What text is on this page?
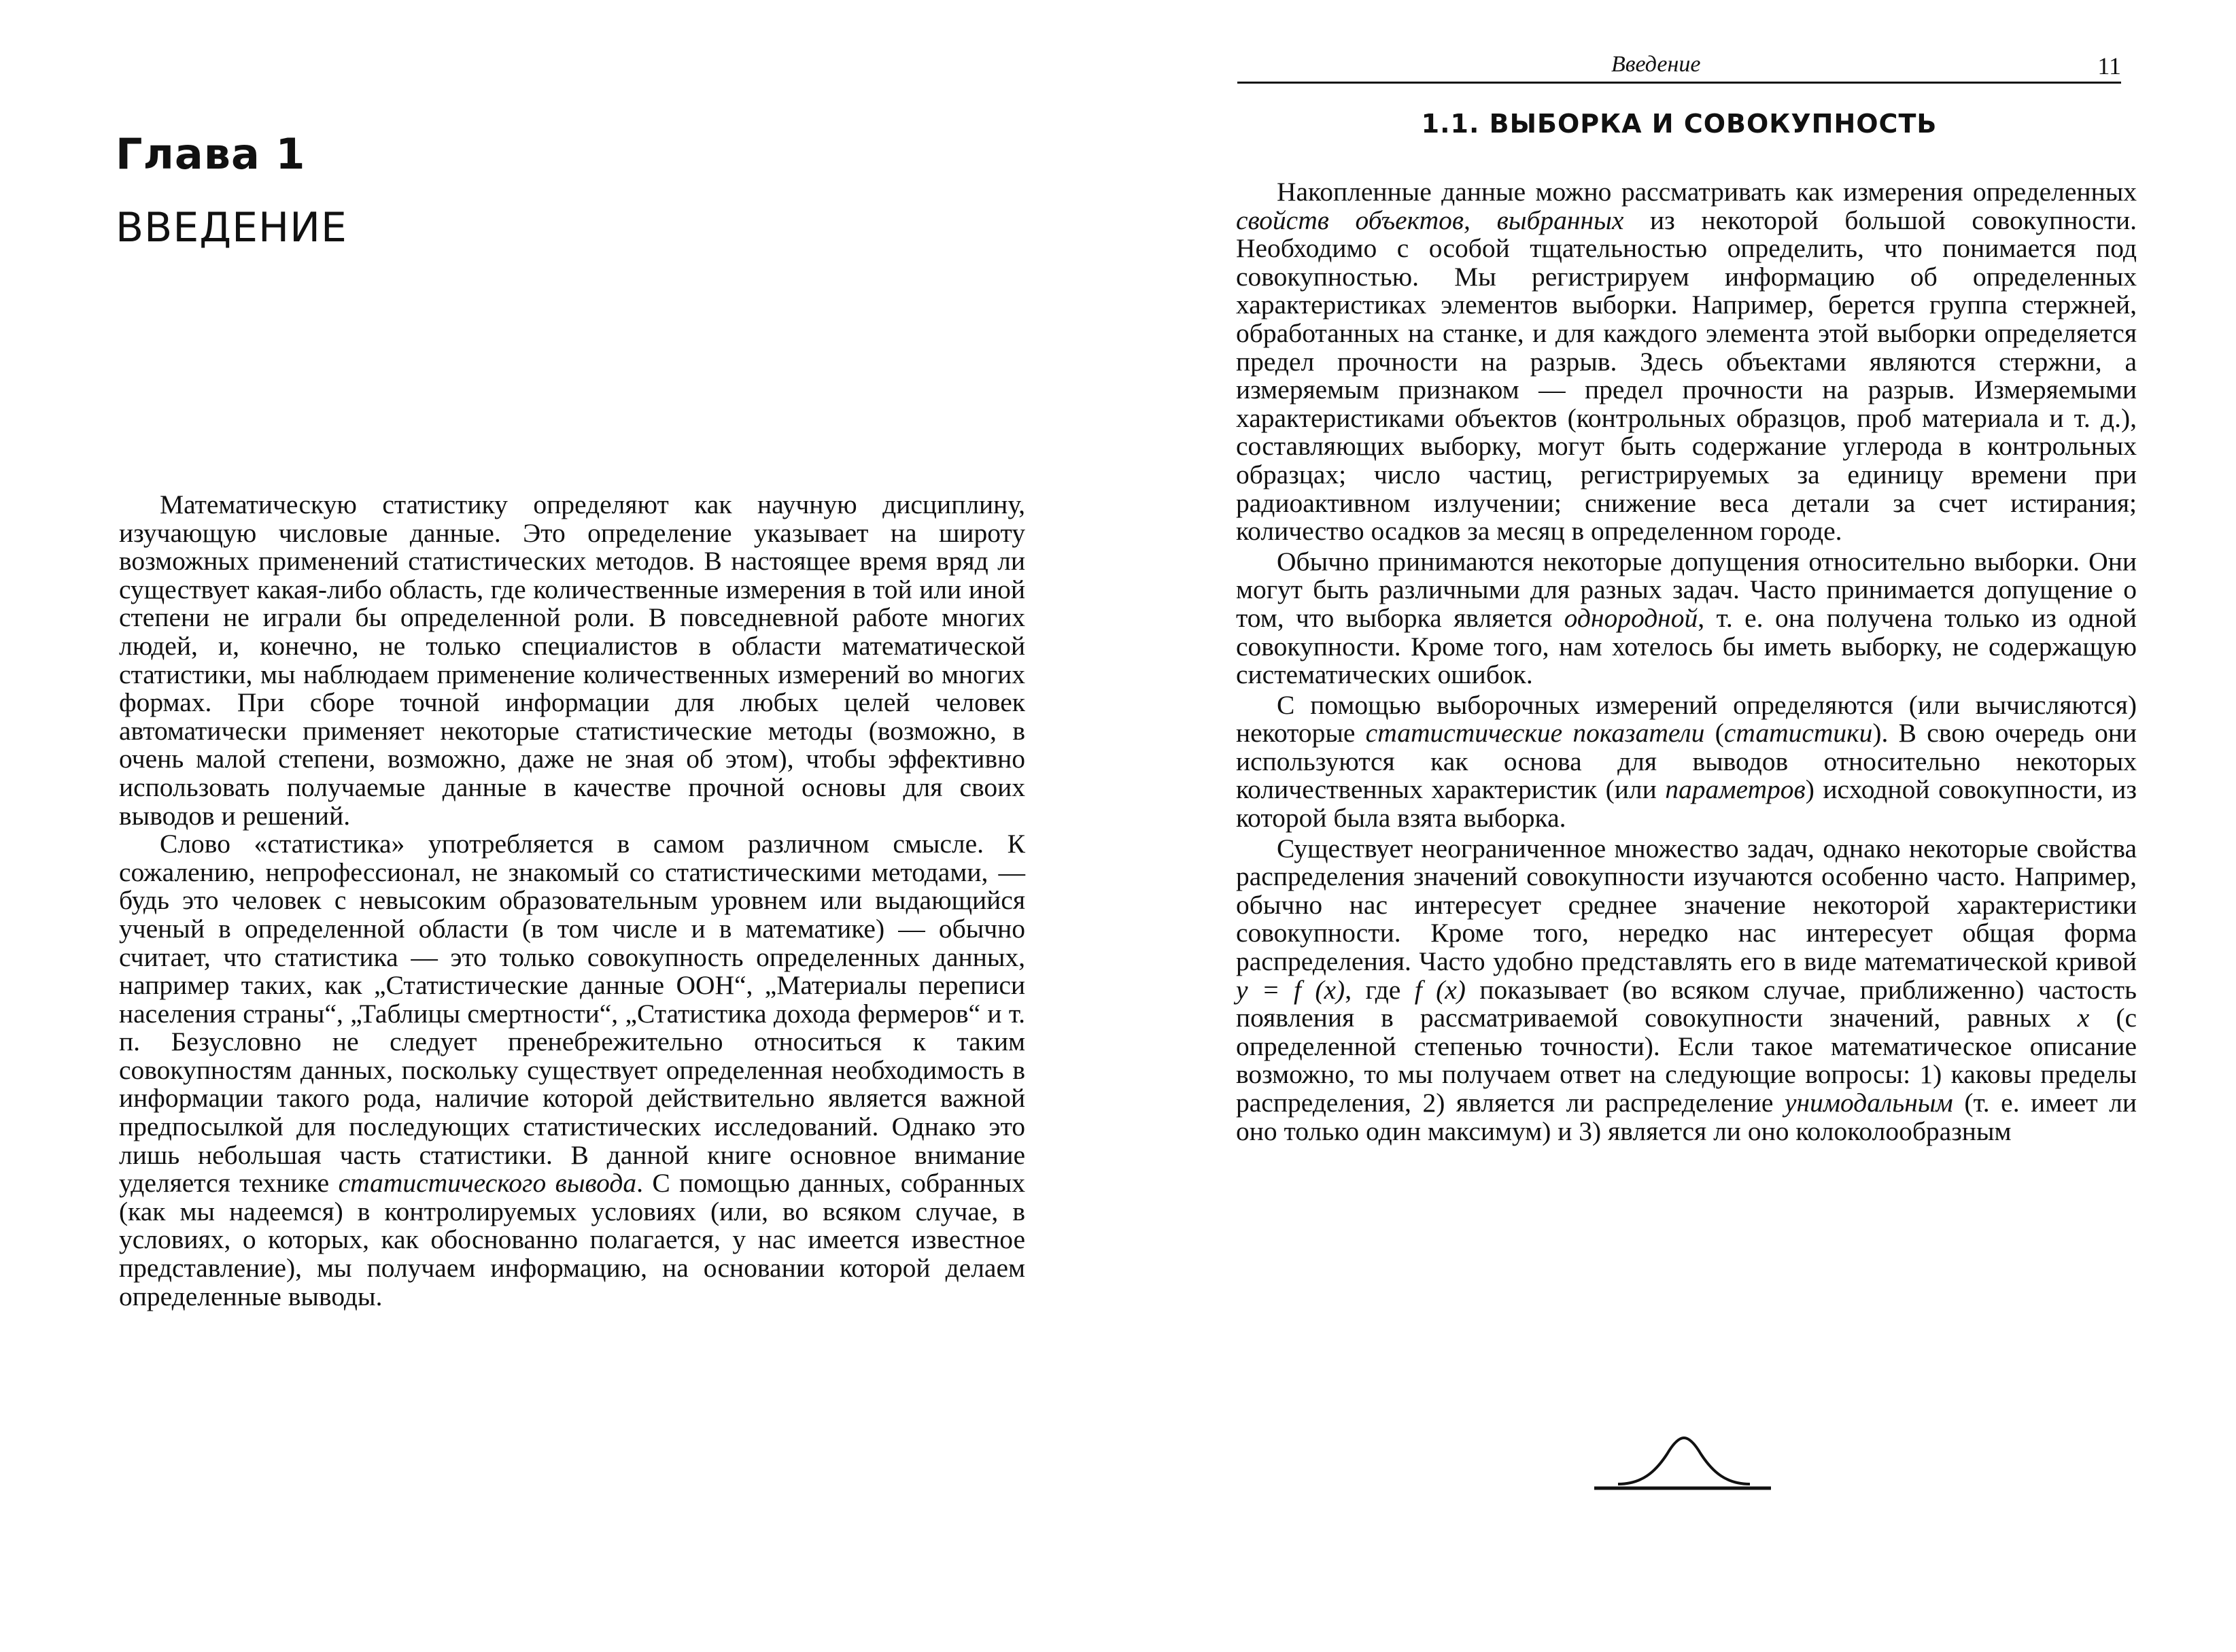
Глава 1
ВВЕДЕНИЕ

Математическую статистику определяют как научную дисциплину, изучающую числовые данные. Это определение указывает на широту возможных применений статистических методов. В настоящее время вряд ли существует какая-либо область, где количественные измерения в той или иной степени не играли бы определенной роли. В повседневной работе многих людей, и, конечно, не только специалистов в области математической статистики, мы наблюдаем применение количественных измерений во многих формах. При сборе точной информации для любых целей человек автоматически применяет некоторые статистические методы (возможно, в очень малой степени, возможно, даже не зная об этом), чтобы эффективно использовать получаемые данные в качестве прочной основы для своих выводов и решений.

Слово «статистика» употребляется в самом различном смысле. К сожалению, непрофессионал, не знакомый со статистическими методами, — будь это человек с невысоким образовательным уровнем или выдающийся ученый в определенной области (в том числе и в математике) — обычно считает, что статистика — это только совокупность определенных данных, например таких, как „Статистические данные ООН“, „Материалы переписи населения страны“, „Таблицы смертности“, „Статистика дохода фермеров“ и т. п. Безусловно не следует пренебрежительно относиться к таким совокупностям данных, поскольку существует определенная необходимость в информации такого рода, наличие которой действительно является важной предпосылкой для последующих статистических исследований. Однако это лишь небольшая часть статистики. В данной книге основное внимание уделяется технике статистического вывода. С помощью данных, собранных (как мы надеемся) в контролируемых условиях (или, во всяком случае, в условиях, о которых, как обоснованно полагается, у нас имеется известное представление), мы получаем информацию, на основании которой делаем определенные выводы.

Введение	11
1.1. ВЫБОРКА И СОВОКУПНОСТЬ

Накопленные данные можно рассматривать как измерения определенных свойств объектов, выбранных из некоторой большой совокупности. Необходимо с особой тщательностью определить, что понимается под совокупностью. Мы регистрируем информацию об определенных характеристиках элементов выборки. Например, берется группа стержней, обработанных на станке, и для каждого элемента этой выборки определяется предел прочности на разрыв. Здесь объектами являются стержни, а измеряемым признаком — предел прочности на разрыв. Измеряемыми характеристиками объектов (контрольных образцов, проб материала и т. д.), составляющих выборку, могут быть содержание углерода в контрольных образцах; число частиц, регистрируемых за единицу времени при радиоактивном излучении; снижение веса детали за счет истирания; количество осадков за месяц в определенном городе.

Обычно принимаются некоторые допущения относительно выборки. Они могут быть различными для разных задач. Часто принимается допущение о том, что выборка является однородной, т. е. она получена только из одной совокупности. Кроме того, нам хотелось бы иметь выборку, не содержащую систематических ошибок.

С помощью выборочных измерений определяются (или вычисляются) некоторые статистические показатели (статистики). В свою очередь они используются как основа для выводов относительно некоторых количественных характеристик (или параметров) исходной совокупности, из которой была взята выборка.

Существует неограниченное множество задач, однако некоторые свойства распределения значений совокупности изучаются особенно часто. Например, обычно нас интересует среднее значение некоторой характеристики совокупности. Кроме того, нередко нас интересует общая форма распределения. Часто удобно представлять его в виде математической кривой y = f (x), где f (x) показывает (во всяком случае, приближенно) частость появления в рассматриваемой совокупности значений, равных x (с определенной степенью точности). Если такое математическое описание возможно, то мы получаем ответ на следующие вопросы: 1) каковы пределы распределения, 2) является ли распределение унимодальным (т. е. имеет ли оно только один максимум) и 3) является ли оно колоколообразным
